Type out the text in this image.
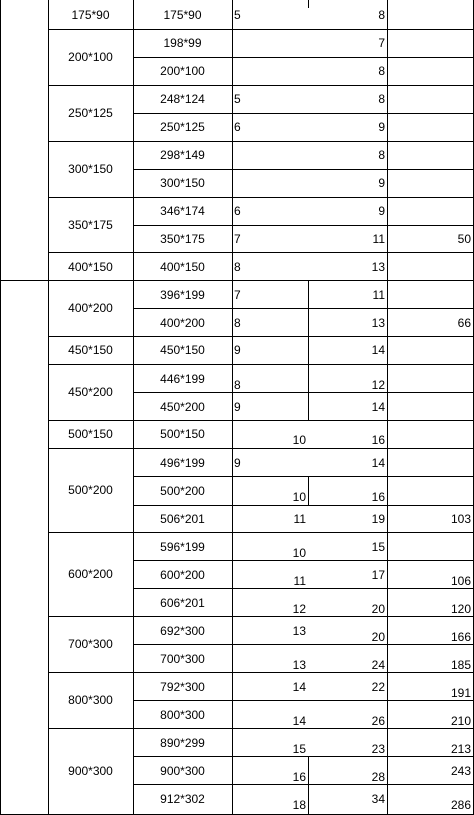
175*90
200*100
250*125
300*150
350*175
400*150
400*200
450*150
450*200
500*150
500*200
600*200
700*300
800*300
900*300
175*90
198*99
200*100
248*124
250*125
298*149
300*150
346*174
350*175
400*150
396*199
400*200
450*150
446*199
450*200
500*150
496*199
500*200
506*201
596*199
600*200
606*201
692*300
700*300
792*300
800*300
890*299
900*300
912*302
5
5
6
6
7
8
7
8
9
8
9
10
9
10
11
10
11
12
13
13
14
14
15
16
18
8
7
8
8
9
8
9
9
11
13
11
13
14
12
14
16
14
16
19
15
17
20
20
24
22
26
23
28
34
50
66
103
106
120
166
185
191
210
213
243
286
